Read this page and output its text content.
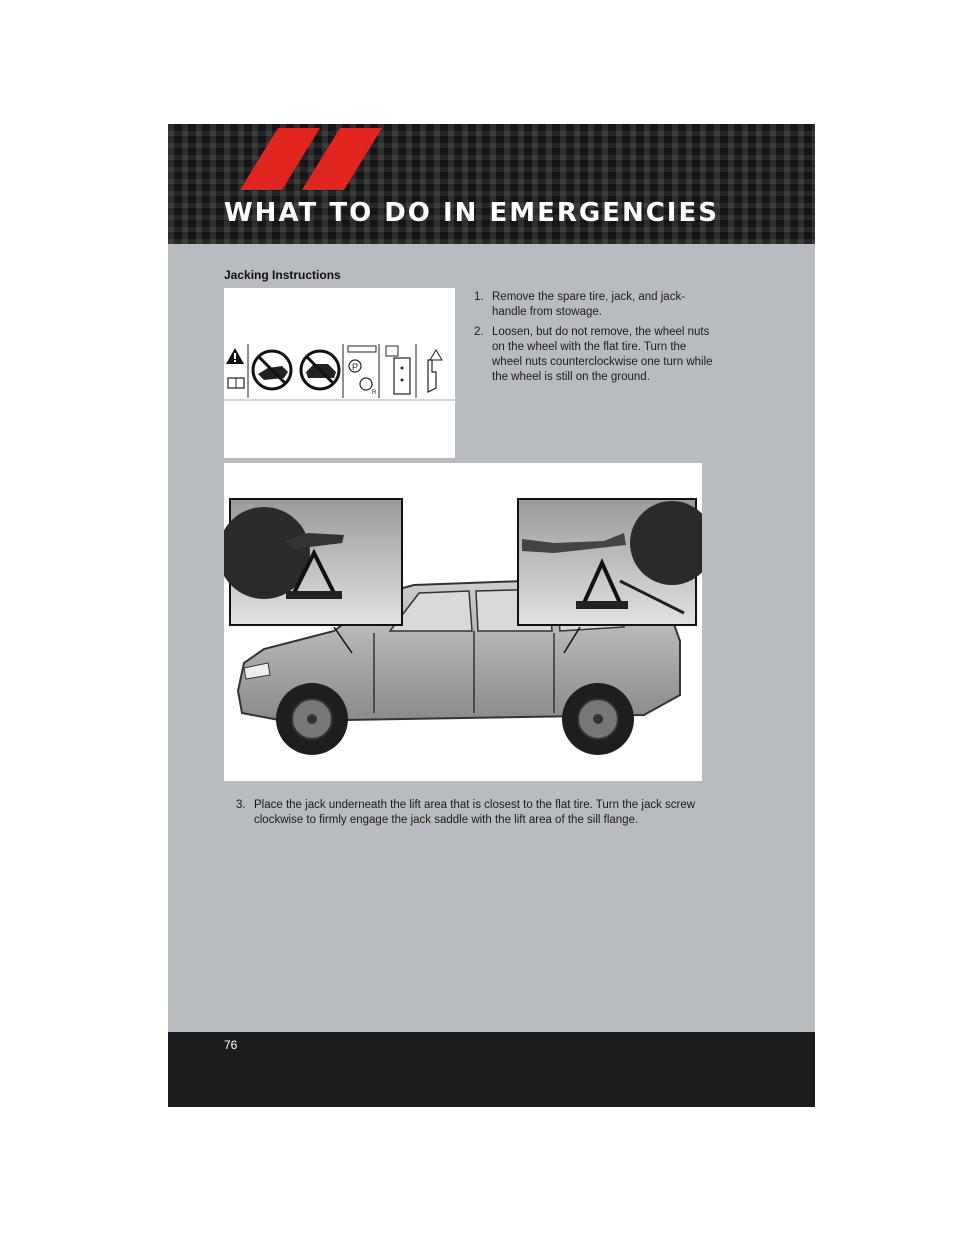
WHAT TO DO IN EMERGENCIES
Jacking Instructions
P
R
1. Remove the spare tire, jack, and jack-handle from stowage.
2. Loosen, but do not remove, the wheel nuts on the wheel with the flat tire. Turn the wheel nuts counterclockwise one turn while the wheel is still on the ground.
3. Place the jack underneath the lift area that is closest to the flat tire. Turn the jack screw clockwise to firmly engage the jack saddle with the lift area of the sill flange.
76
